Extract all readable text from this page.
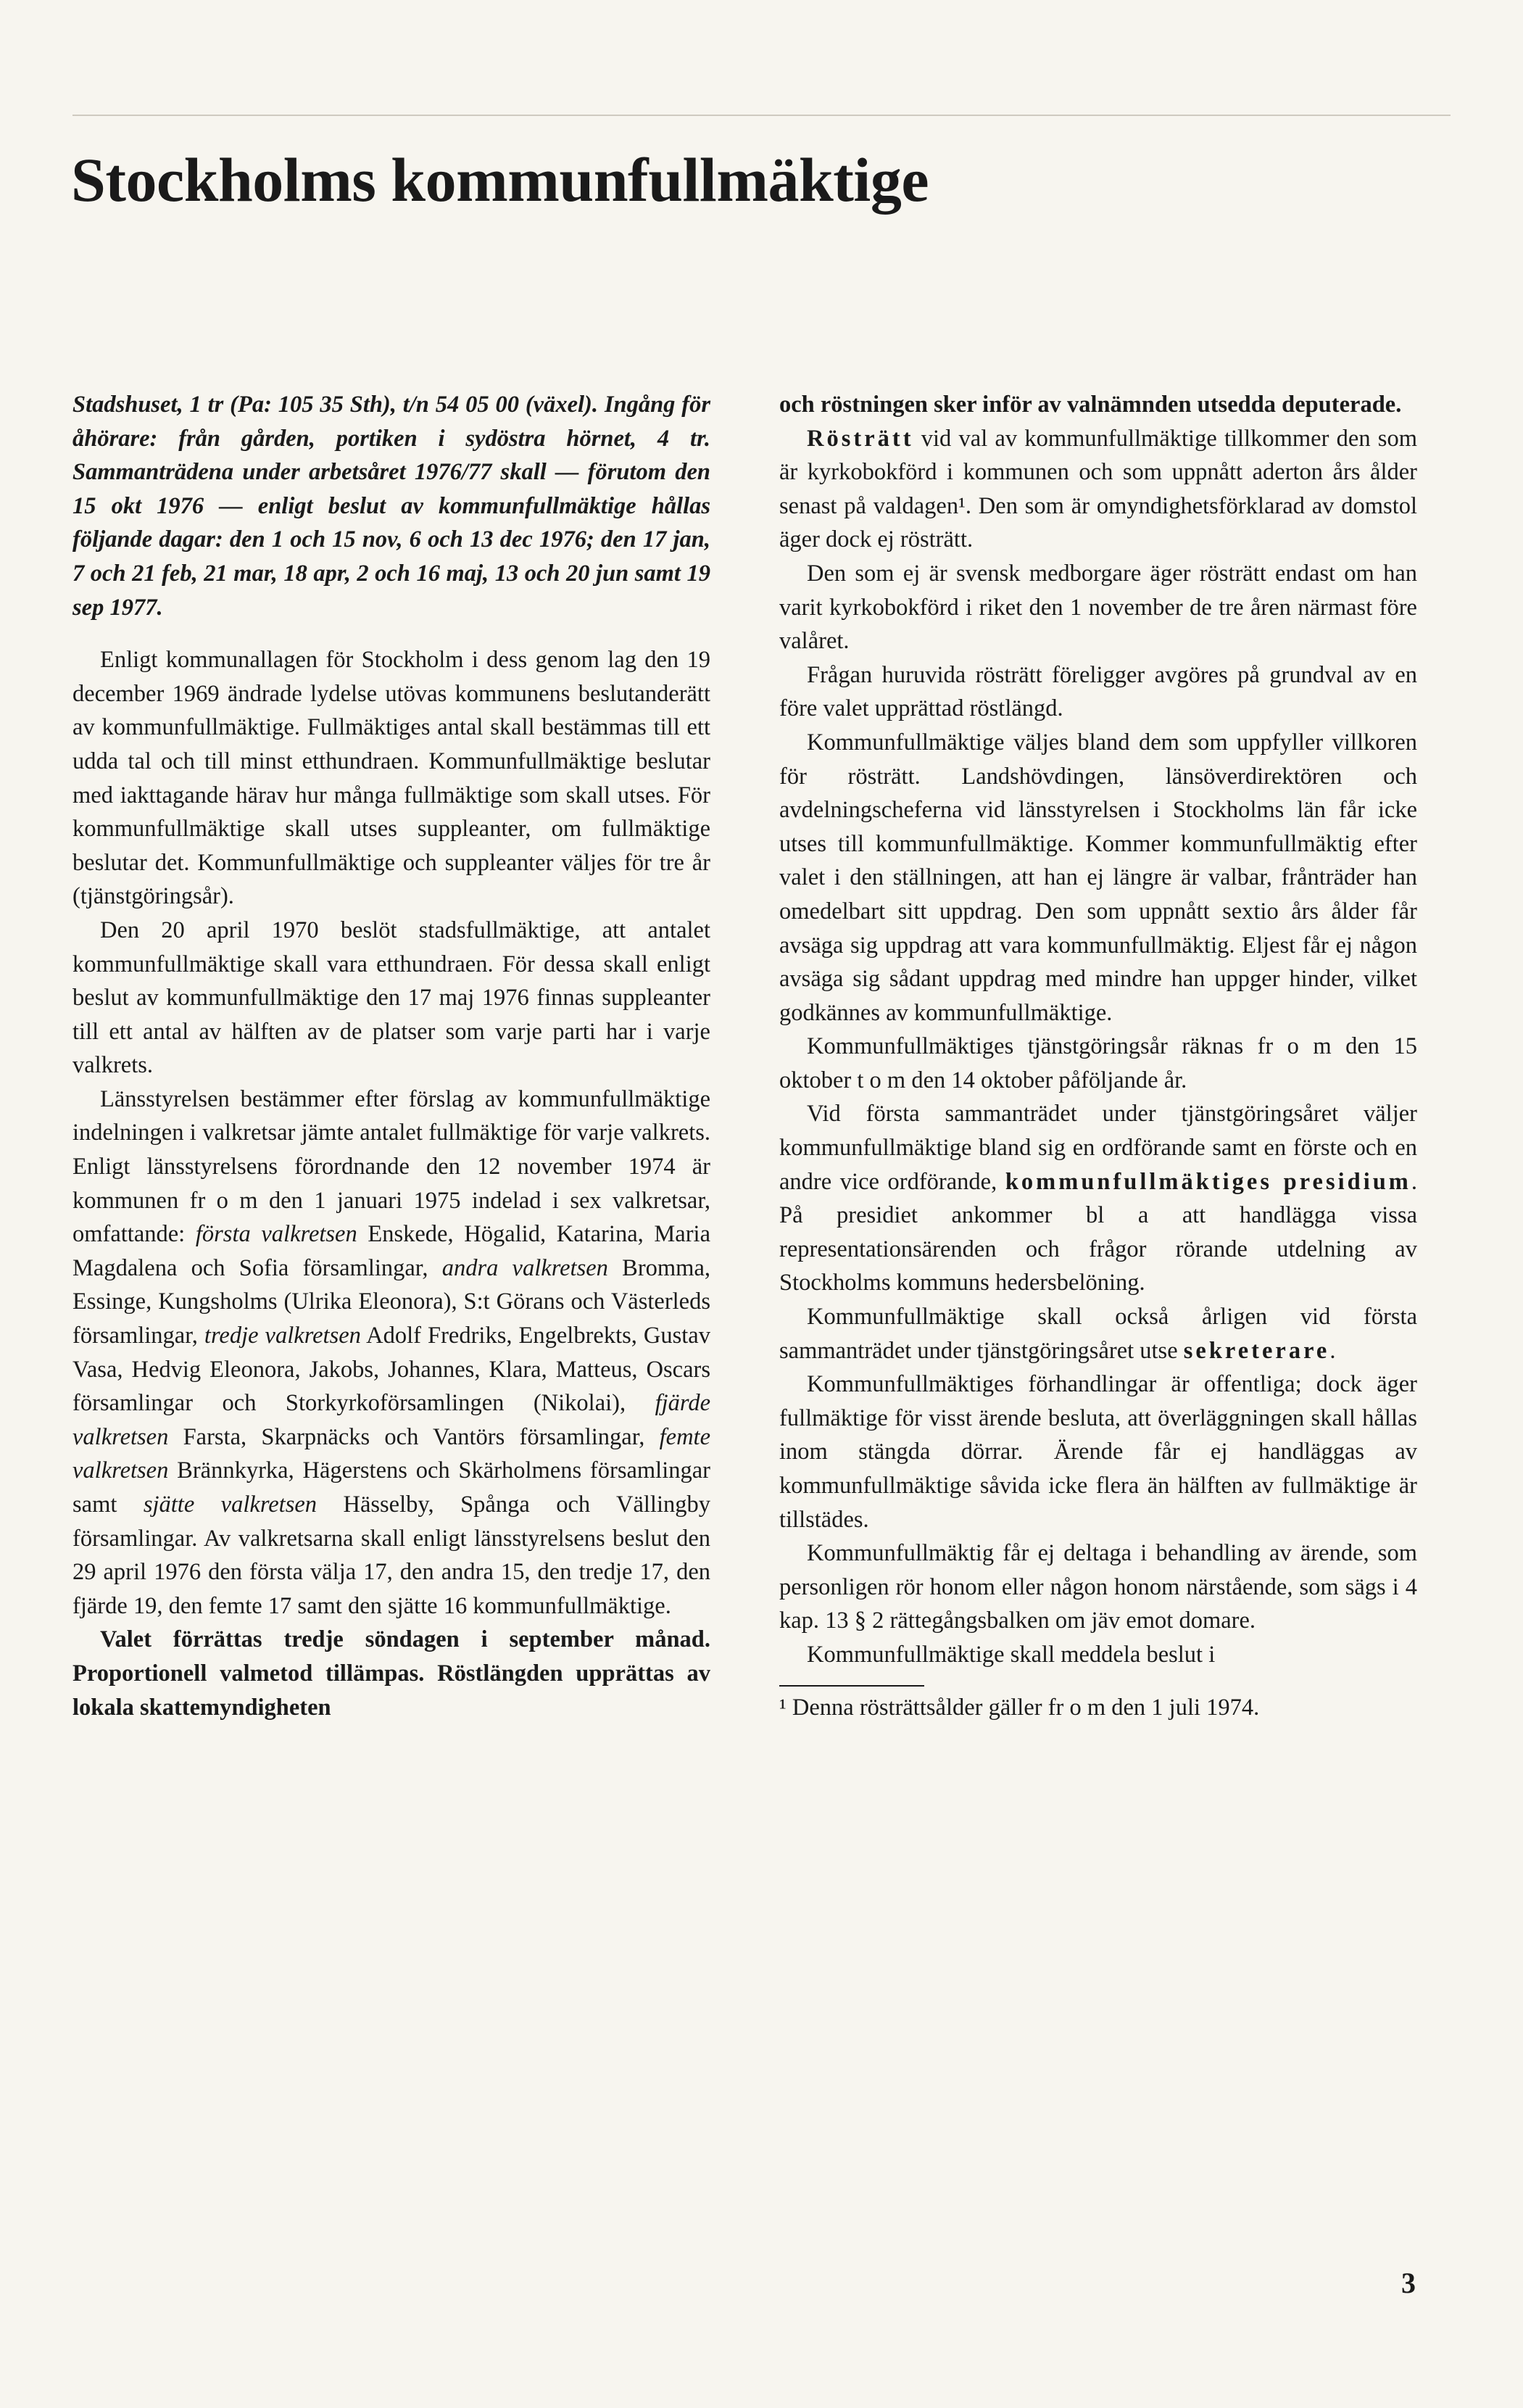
Stockholms kommunfullmäktige

Stadshuset, 1 tr (Pa: 105 35 Sth), t/n 54 05 00 (växel). Ingång för åhörare: från gården, portiken i sydöstra hörnet, 4 tr. Sammanträdena under arbetsåret 1976/77 skall — förutom den 15 okt 1976 — enligt beslut av kommunfullmäktige hållas följande dagar: den 1 och 15 nov, 6 och 13 dec 1976; den 17 jan, 7 och 21 feb, 21 mar, 18 apr, 2 och 16 maj, 13 och 20 jun samt 19 sep 1977.

Enligt kommunallagen för Stockholm i dess genom lag den 19 december 1969 ändrade lydelse utövas kommunens beslutanderätt av kommunfullmäktige. Fullmäktiges antal skall bestämmas till ett udda tal och till minst etthundraen. Kommunfullmäktige beslutar med iakttagande härav hur många fullmäktige som skall utses. För kommunfullmäktige skall utses suppleanter, om fullmäktige beslutar det. Kommunfullmäktige och suppleanter väljes för tre år (tjänstgöringsår).

Den 20 april 1970 beslöt stadsfullmäktige, att antalet kommunfullmäktige skall vara etthundraen. För dessa skall enligt beslut av kommunfullmäktige den 17 maj 1976 finnas suppleanter till ett antal av hälften av de platser som varje parti har i varje valkrets.

Länsstyrelsen bestämmer efter förslag av kommunfullmäktige indelningen i valkretsar jämte antalet fullmäktige för varje valkrets. Enligt länsstyrelsens förordnande den 12 november 1974 är kommunen fr o m den 1 januari 1975 indelad i sex valkretsar, omfattande: första valkretsen Enskede, Högalid, Katarina, Maria Magdalena och Sofia församlingar, andra valkretsen Bromma, Essinge, Kungsholms (Ulrika Eleonora), S:t Görans och Västerleds församlingar, tredje valkretsen Adolf Fredriks, Engelbrekts, Gustav Vasa, Hedvig Eleonora, Jakobs, Johannes, Klara, Matteus, Oscars församlingar och Storkyrkoförsamlingen (Nikolai), fjärde valkretsen Farsta, Skarpnäcks och Vantörs församlingar, femte valkretsen Brännkyrka, Hägerstens och Skärholmens församlingar samt sjätte valkretsen Hässelby, Spånga och Vällingby församlingar. Av valkretsarna skall enligt länsstyrelsens beslut den 29 april 1976 den första välja 17, den andra 15, den tredje 17, den fjärde 19, den femte 17 samt den sjätte 16 kommunfullmäktige.

Valet förrättas tredje söndagen i september månad. Proportionell valmetod tillämpas. Röstlängden upprättas av lokala skattemyndigheten

och röstningen sker inför av valnämnden utsedda deputerade.

Rösträtt vid val av kommunfullmäktige tillkommer den som är kyrkobokförd i kommunen och som uppnått aderton års ålder senast på valdagen¹. Den som är omyndighetsförklarad av domstol äger dock ej rösträtt.

Den som ej är svensk medborgare äger rösträtt endast om han varit kyrkobokförd i riket den 1 november de tre åren närmast före valåret.

Frågan huruvida rösträtt föreligger avgöres på grundval av en före valet upprättad röstlängd.

Kommunfullmäktige väljes bland dem som uppfyller villkoren för rösträtt. Landshövdingen, länsöverdirektören och avdelningscheferna vid länsstyrelsen i Stockholms län får icke utses till kommunfullmäktige. Kommer kommunfullmäktig efter valet i den ställningen, att han ej längre är valbar, frånträder han omedelbart sitt uppdrag. Den som uppnått sextio års ålder får avsäga sig uppdrag att vara kommunfullmäktig. Eljest får ej någon avsäga sig sådant uppdrag med mindre han uppger hinder, vilket godkännes av kommunfullmäktige.

Kommunfullmäktiges tjänstgöringsår räknas fr o m den 15 oktober t o m den 14 oktober påföljande år.

Vid första sammanträdet under tjänstgöringsåret väljer kommunfullmäktige bland sig en ordförande samt en förste och en andre vice ordförande, kommunfullmäktiges presidium. På presidiet ankommer bl a att handlägga vissa representationsärenden och frågor rörande utdelning av Stockholms kommuns hedersbelöning.

Kommunfullmäktige skall också årligen vid första sammanträdet under tjänstgöringsåret utse sekreterare.

Kommunfullmäktiges förhandlingar är offentliga; dock äger fullmäktige för visst ärende besluta, att överläggningen skall hållas inom stängda dörrar. Ärende får ej handläggas av kommunfullmäktige såvida icke flera än hälften av fullmäktige är tillstädes.

Kommunfullmäktig får ej deltaga i behandling av ärende, som personligen rör honom eller någon honom närstående, som sägs i 4 kap. 13 § 2 rättegångsbalken om jäv emot domare.

Kommunfullmäktige skall meddela beslut i

¹ Denna rösträttsålder gäller fr o m den 1 juli 1974.

3
